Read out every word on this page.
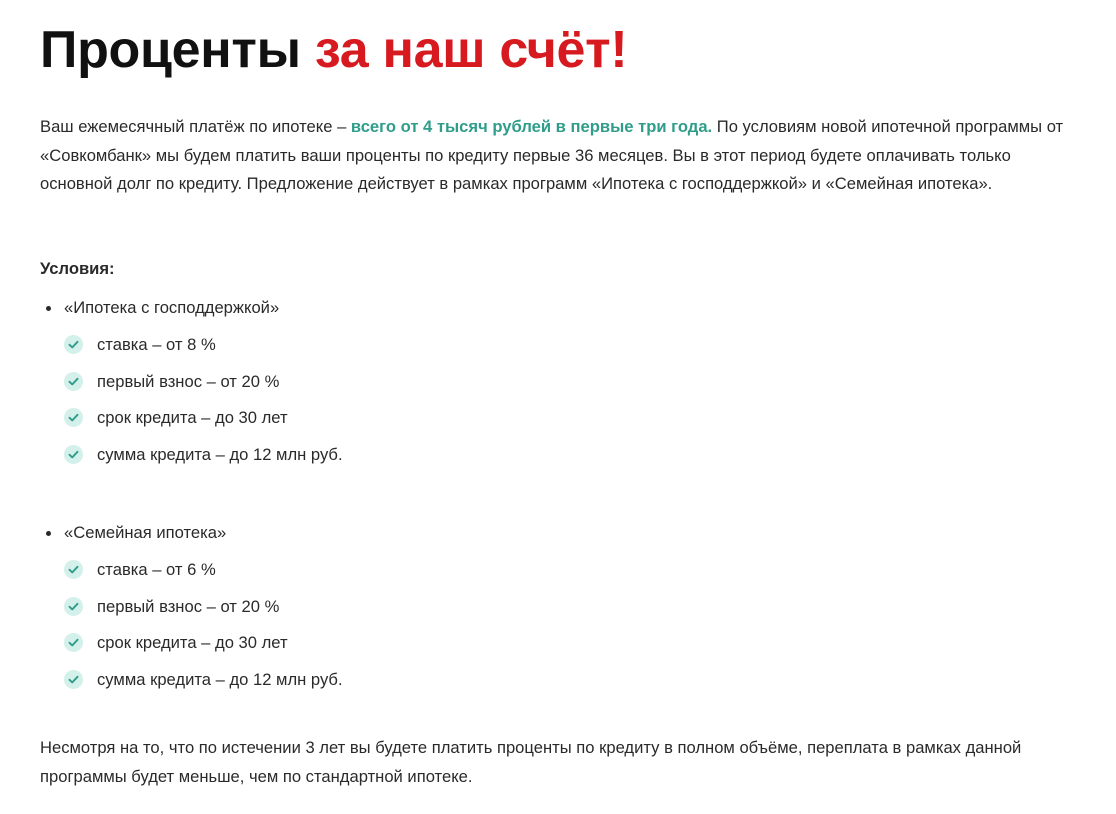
Проценты за наш счёт!

Ваш ежемесячный платёж по ипотеке – всего от 4 тысяч рублей в первые три года. По условиям новой ипотечной программы от «Совкомбанк» мы будем платить ваши проценты по кредиту первые 36 месяцев. Вы в этот период будете оплачивать только основной долг по кредиту. Предложение действует в рамках программ «Ипотека с господдержкой» и «Семейная ипотека».

Условия:

«Ипотека с господдержкой»
ставка – от 8 %
первый взнос – от 20 %
срок кредита – до 30 лет
сумма кредита – до 12 млн руб.
«Семейная ипотека»
ставка – от 6 %
первый взнос – от 20 %
срок кредита – до 30 лет
сумма кредита – до 12 млн руб.

Несмотря на то, что по истечении 3 лет вы будете платить проценты по кредиту в полном объёме, переплата в рамках данной программы будет меньше, чем по стандартной ипотеке.
